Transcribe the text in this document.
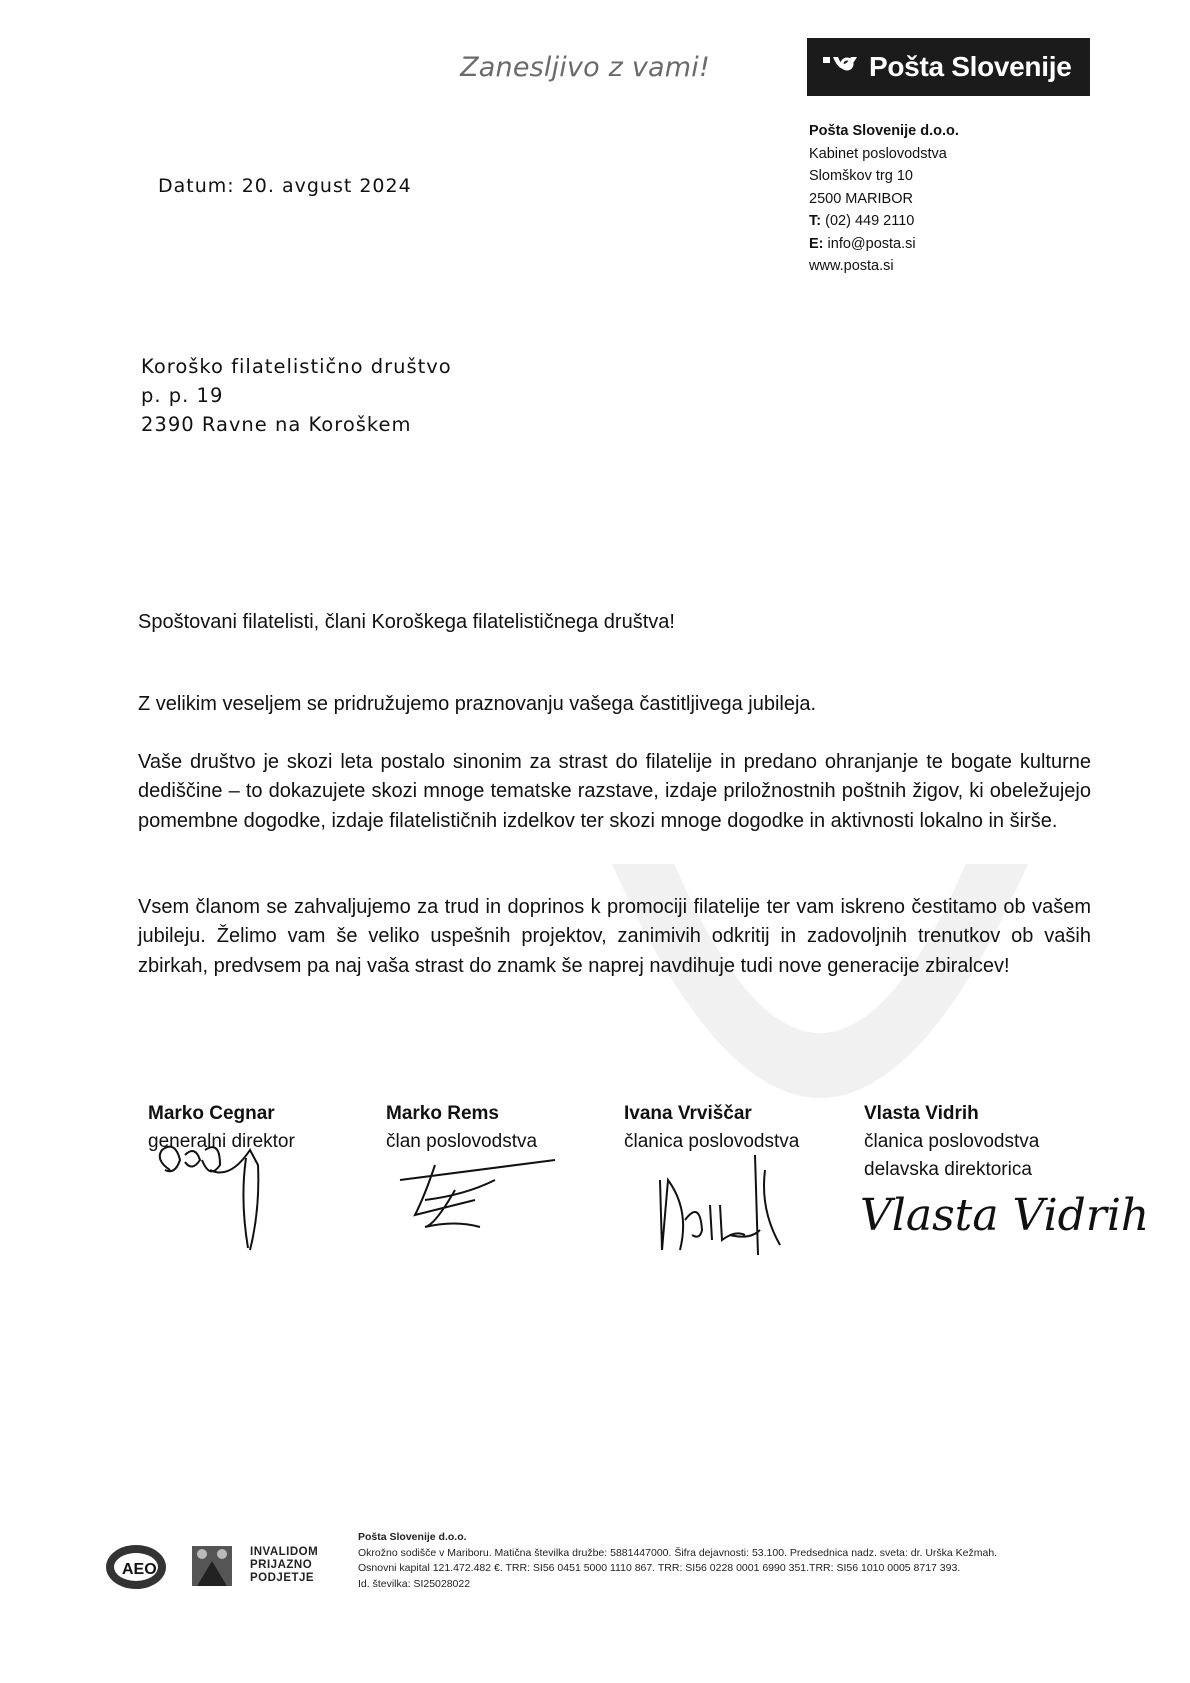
Zanesljivo z vami!	Pošta Slovenije
Pošta Slovenije d.o.o.
Kabinet poslovodstva
Slomškov trg 10
2500 MARIBOR
T: (02) 449 2110
E: info@posta.si
www.posta.si
Datum: 20. avgust 2024
Koroško filatelistično društvo
p. p. 19
2390 Ravne na Koroškem
Spoštovani filatelisti, člani Koroškega filatelističnega društva!
Z velikim veseljem se pridružujemo praznovanju vašega častitljivega jubileja.
Vaše društvo je skozi leta postalo sinonim za strast do filatelije in predano ohranjanje te bogate kulturne dediščine – to dokazujete skozi mnoge tematske razstave, izdaje priložnostnih poštnih žigov, ki obeležujejo pomembne dogodke, izdaje filatelističnih izdelkov ter skozi mnoge dogodke in aktivnosti lokalno in širše.
Vsem članom se zahvaljujemo za trud in doprinos k promociji filatelije ter vam iskreno čestitamo ob vašem jubileju. Želimo vam še veliko uspešnih projektov, zanimivih odkritij in zadovoljnih trenutkov ob vaših zbirkah, predvsem pa naj vaša strast do znamk še naprej navdihuje tudi nove generacije zbiralcev!
Marko Cegnar
generalni direktor
Marko Rems
član poslovodstva
Ivana Vrviščar
članica poslovodstva
Vlasta Vidrih
članica poslovodstva
delavska direktorica
Vlasta Vidrih
AEO
INVALIDOM
PRIJAZNO
PODJETJE
Pošta Slovenije d.o.o.
Okrožno sodišče v Mariboru. Matična številka družbe: 5881447000. Šifra dejavnosti: 53.100. Predsednica nadz. sveta: dr. Urška Kežmah.
Osnovni kapital 121.472.482 €. TRR: SI56 0451 5000 1110 867. TRR: SI56 0228 0001 6990 351.TRR: SI56 1010 0005 8717 393.
Id. številka: SI25028022
